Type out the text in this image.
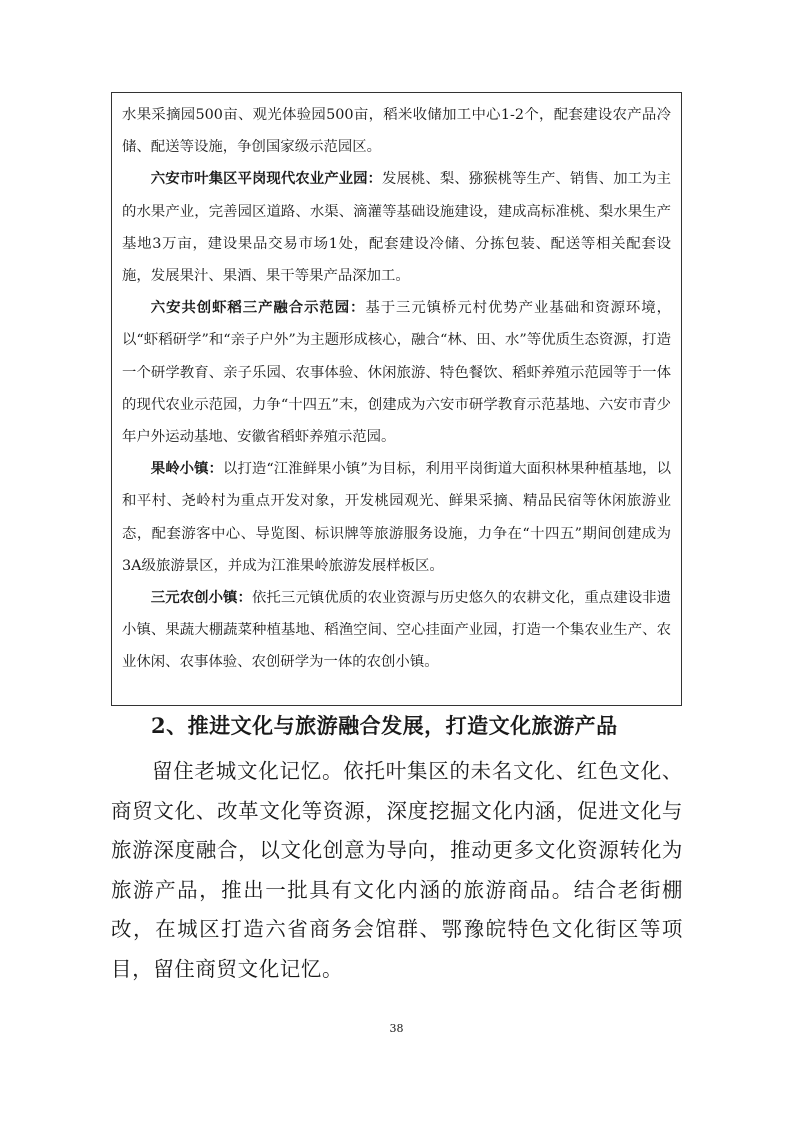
水果采摘园500亩、观光体验园500亩，稻米收储加工中心1-2个，配套建设农产品冷储、配送等设施，争创国家级示范园区。

六安市叶集区平岗现代农业产业园：发展桃、梨、猕猴桃等生产、销售、加工为主的水果产业，完善园区道路、水渠、滴灌等基础设施建设，建成高标准桃、梨水果生产基地3万亩，建设果品交易市场1处，配套建设冷储、分拣包装、配送等相关配套设施，发展果汁、果酒、果干等果产品深加工。

六安共创虾稻三产融合示范园：基于三元镇桥元村优势产业基础和资源环境，以“虾稻研学”和“亲子户外”为主题形成核心，融合“林、田、水”等优质生态资源，打造一个研学教育、亲子乐园、农事体验、休闲旅游、特色餐饮、稻虾养殖示范园等于一体的现代农业示范园，力争“十四五”末，创建成为六安市研学教育示范基地、六安市青少年户外运动基地、安徽省稻虾养殖示范园。

果岭小镇：以打造“江淮鲜果小镇”为目标，利用平岗街道大面积林果种植基地，以和平村、尧岭村为重点开发对象，开发桃园观光、鲜果采摘、精品民宿等休闲旅游业态，配套游客中心、导览图、标识牌等旅游服务设施，力争在“十四五”期间创建成为3A级旅游景区，并成为江淮果岭旅游发展样板区。

三元农创小镇：依托三元镇优质的农业资源与历史悠久的农耕文化，重点建设非遗小镇、果蔬大棚蔬菜种植基地、稻渔空间、空心挂面产业园，打造一个集农业生产、农业休闲、农事体验、农创研学为一体的农创小镇。

2、推进文化与旅游融合发展，打造文化旅游产品

留住老城文化记忆。依托叶集区的未名文化、红色文化、商贸文化、改革文化等资源，深度挖掘文化内涵，促进文化与旅游深度融合，以文化创意为导向，推动更多文化资源转化为旅游产品，推出一批具有文化内涵的旅游商品。结合老街棚改，在城区打造六省商务会馆群、鄂豫皖特色文化街区等项目，留住商贸文化记忆。

38
